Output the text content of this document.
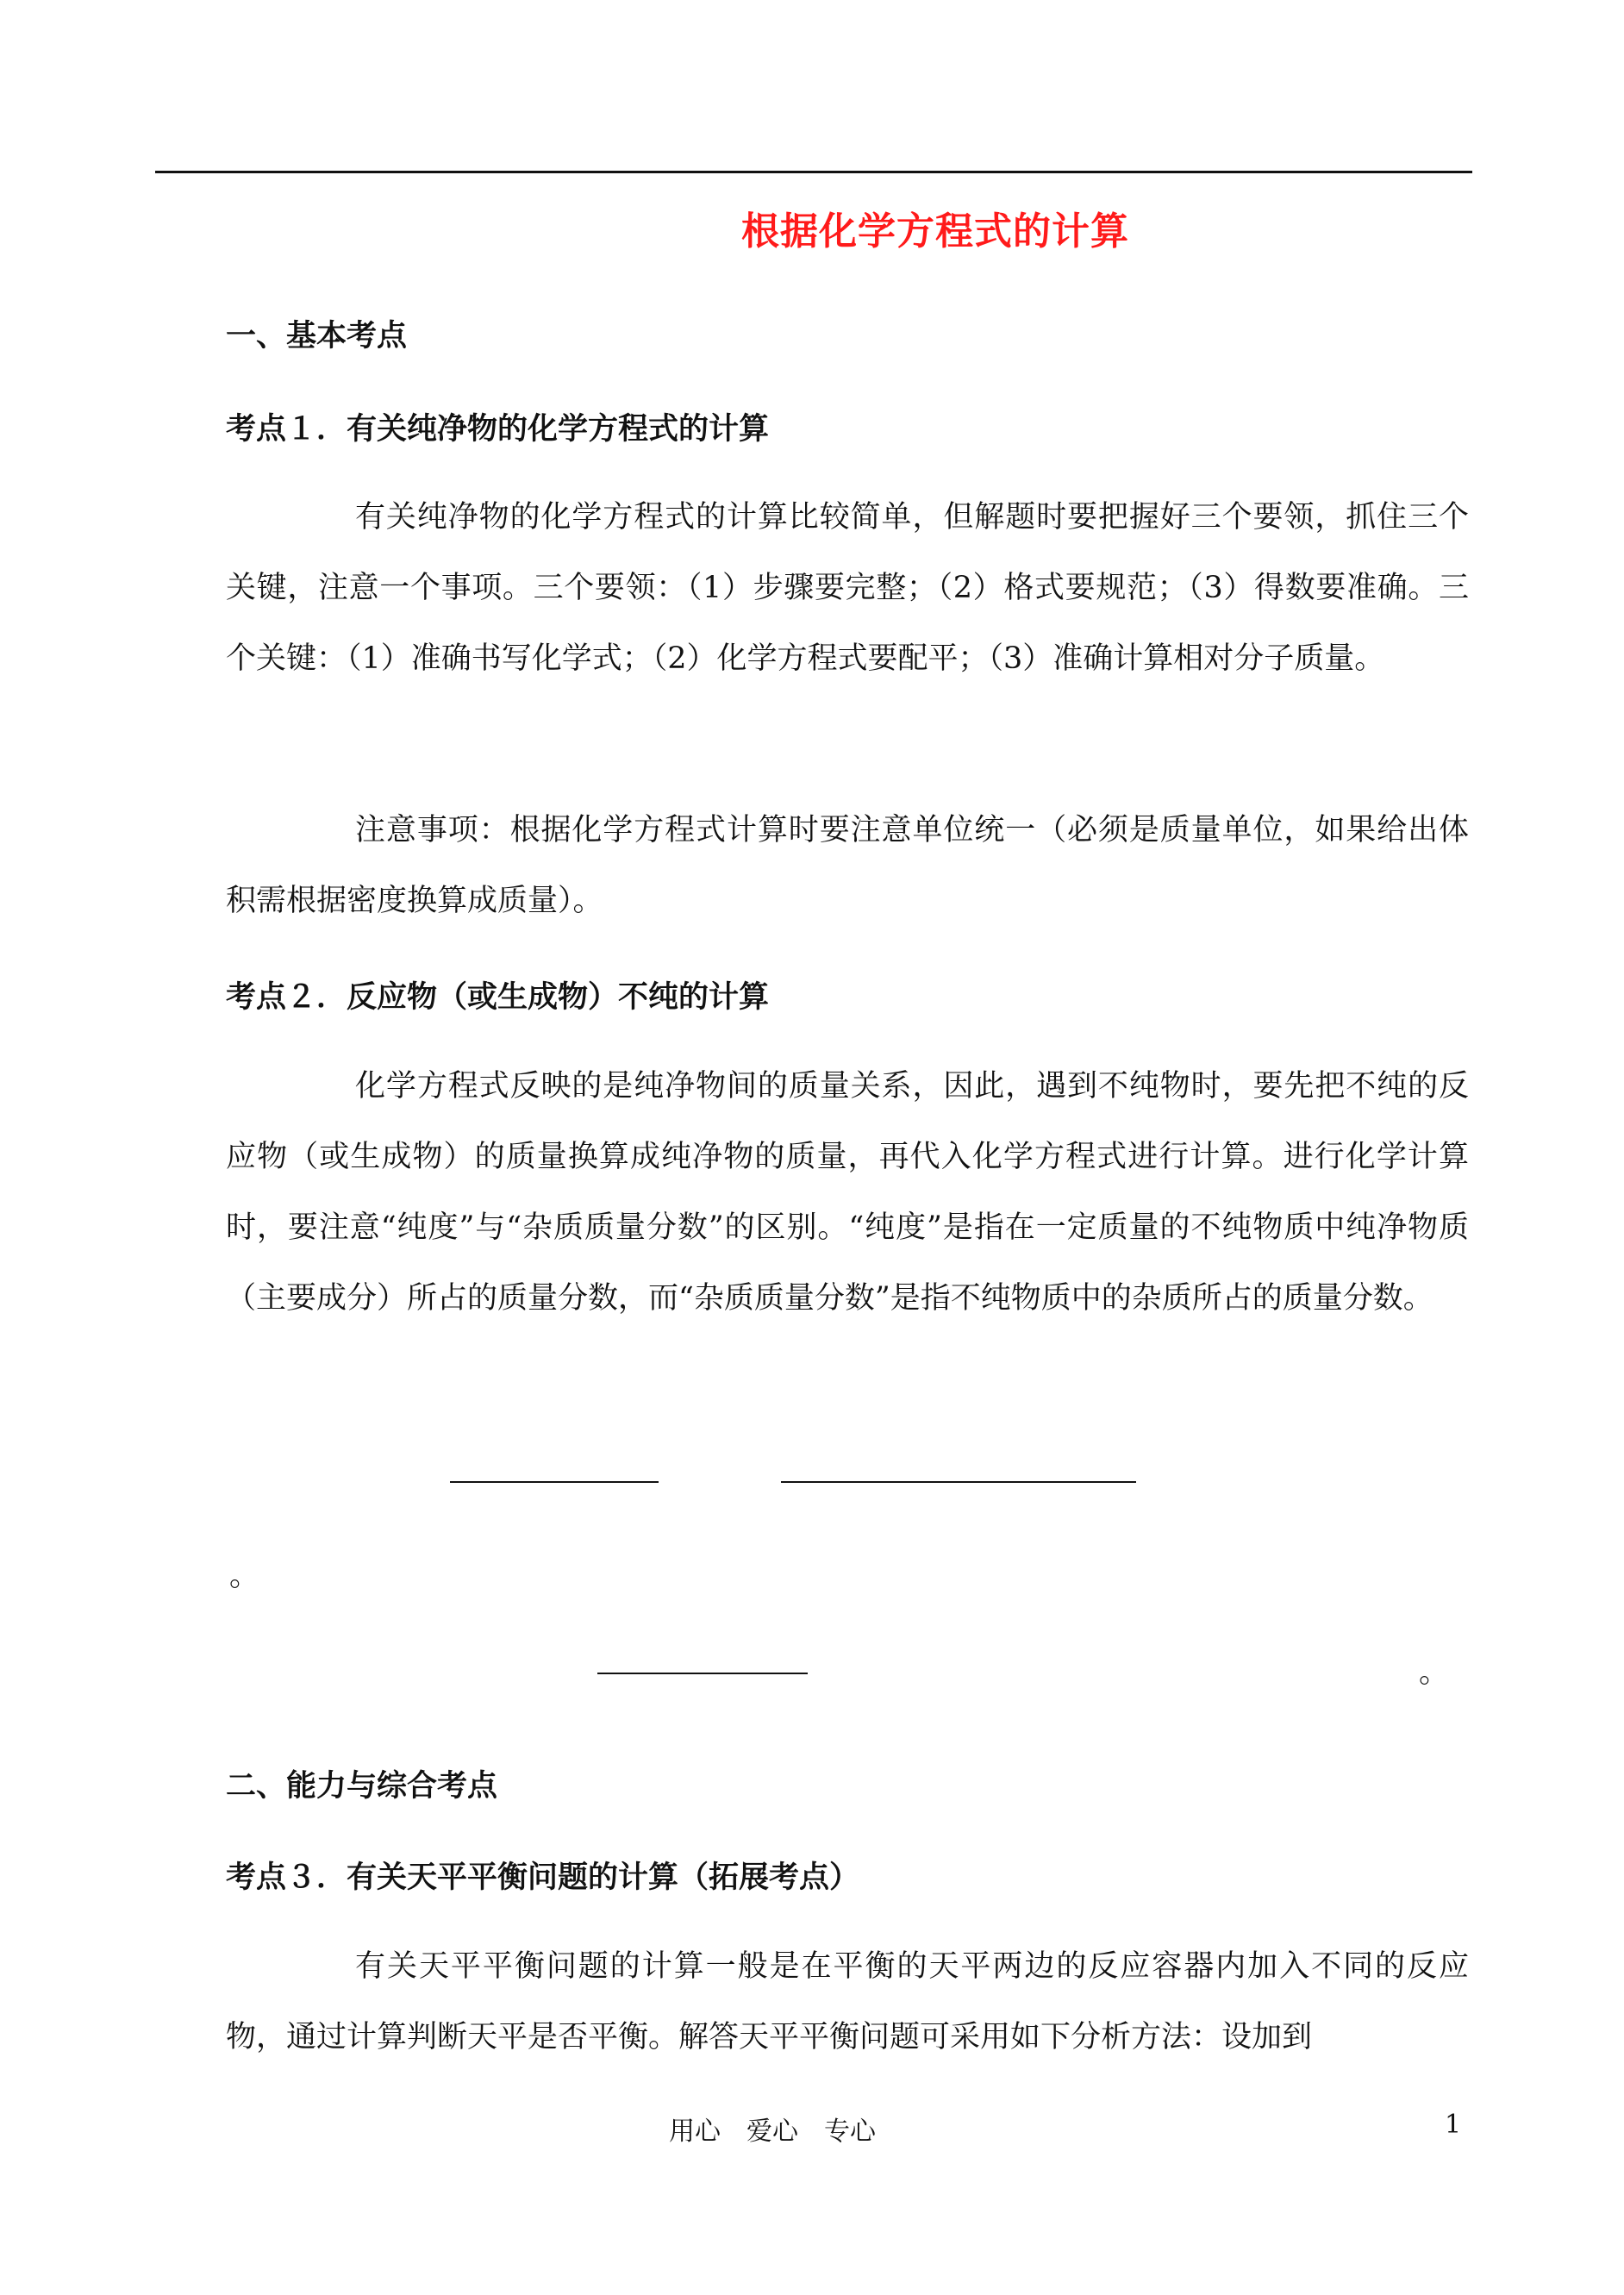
根据化学方程式的计算
一、基本考点
考点１．有关纯净物的化学方程式的计算
有关纯净物的化学方程式的计算比较简单，但解题时要把握好三个要领，抓住三个关键，注意一个事项。三个要领：（1）步骤要完整；（2）格式要规范；（3）得数要准确。三个关键：（1）准确书写化学式；（2）化学方程式要配平；（3）准确计算相对分子质量。
注意事项：根据化学方程式计算时要注意单位统一（必须是质量单位，如果给出体积需根据密度换算成质量）。
考点２．反应物（或生成物）不纯的计算
化学方程式反映的是纯净物间的质量关系，因此，遇到不纯物时，要先把不纯的反应物（或生成物）的质量换算成纯净物的质量，再代入化学方程式进行计算。进行化学计算时，要注意“纯度”与“杂质质量分数”的区别。“纯度”是指在一定质量的不纯物质中纯净物质（主要成分）所占的质量分数，而“杂质质量分数”是指不纯物质中的杂质所占的质量分数。
。
。
二、能力与综合考点
考点３．有关天平平衡问题的计算（拓展考点）
有关天平平衡问题的计算一般是在平衡的天平两边的反应容器内加入不同的反应物，通过计算判断天平是否平衡。解答天平平衡问题可采用如下分析方法：设加到
用心　爱心　专心	1
